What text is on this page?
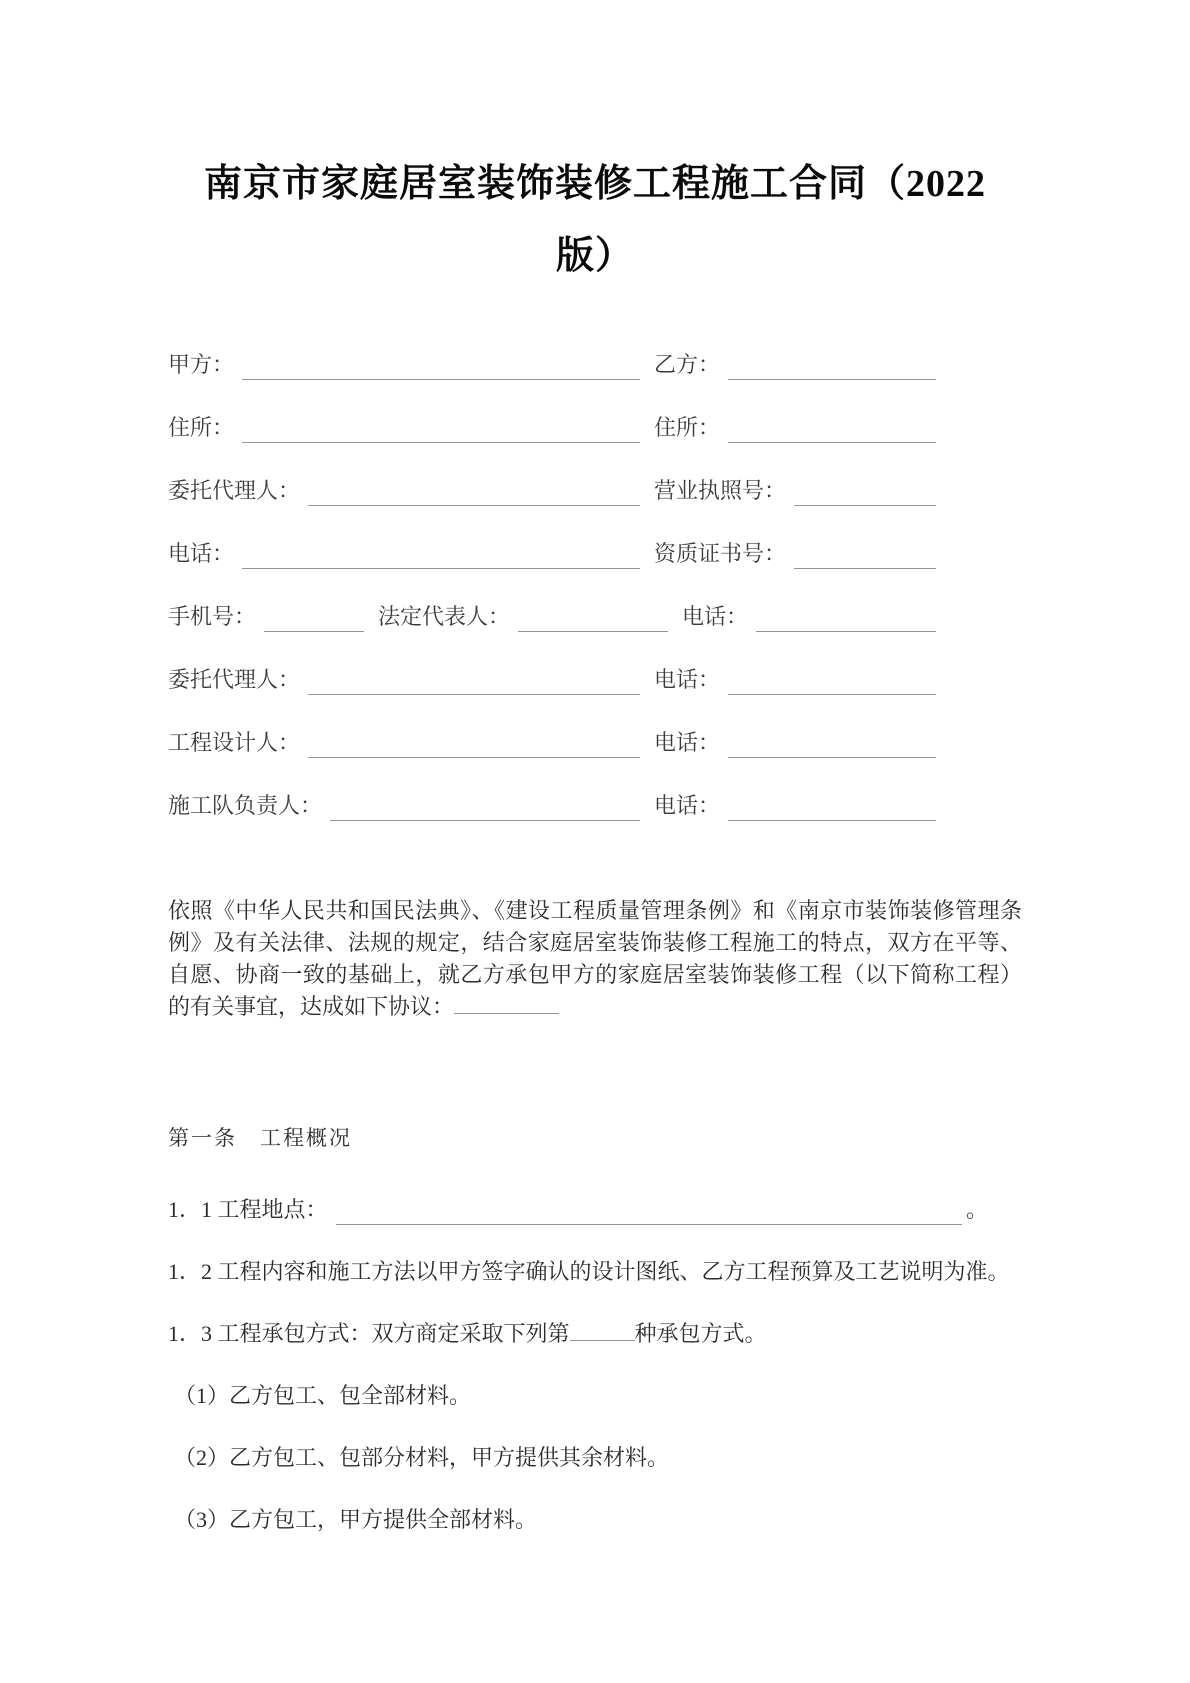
南京市家庭居室装饰装修工程施工合同（2022
版）
甲方：	乙方：
住所：	住所：
委托代理人：	营业执照号：
电话：	资质证书号：
手机号：	法定代表人：	电话：
委托代理人：	电话：
工程设计人：	电话：
施工队负责人：	电话：

依照《中华人民共和国民法典》、《建设工程质量管理条例》和《南京市装饰装修管理条例》及有关法律、法规的规定，结合家庭居室装饰装修工程施工的特点，双方在平等、自愿、协商一致的基础上，就乙方承包甲方的家庭居室装饰装修工程（以下简称工程）的有关事宜，达成如下协议：

第一条　工程概况
1．1 工程地点：	。
1．2 工程内容和施工方法以甲方签字确认的设计图纸、乙方工程预算及工艺说明为准。
1．3 工程承包方式：双方商定采取下列第	种承包方式。
（1）乙方包工、包全部材料。
（2）乙方包工、包部分材料，甲方提供其余材料。
（3）乙方包工，甲方提供全部材料。
